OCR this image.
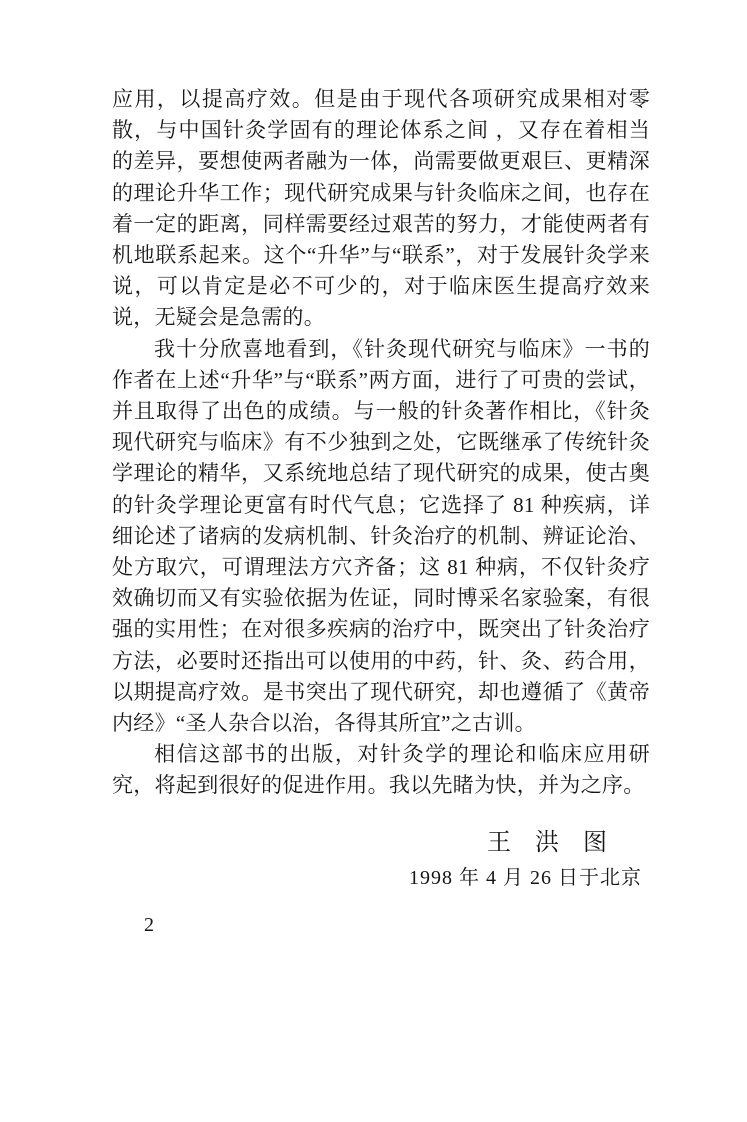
应用，以提高疗效。但是由于现代各项研究成果相对零散，与中国针灸学固有的理论体系之间 ，又存在着相当的差异，要想使两者融为一体，尚需要做更艰巨、更精深的理论升华工作；现代研究成果与针灸临床之间，也存在着一定的距离，同样需要经过艰苦的努力，才能使两者有机地联系起来。这个“升华”与“联系”，对于发展针灸学来说，可以肯定是必不可少的，对于临床医生提高疗效来说，无疑会是急需的。

我十分欣喜地看到，《针灸现代研究与临床》一书的作者在上述“升华”与“联系”两方面，进行了可贵的尝试，并且取得了出色的成绩。与一般的针灸著作相比，《针灸现代研究与临床》有不少独到之处，它既继承了传统针灸学理论的精华，又系统地总结了现代研究的成果，使古奥的针灸学理论更富有时代气息；它选择了 81 种疾病，详细论述了诸病的发病机制、针灸治疗的机制、辨证论治、处方取穴，可谓理法方穴齐备；这 81 种病，不仅针灸疗效确切而又有实验依据为佐证，同时博采名家验案，有很强的实用性；在对很多疾病的治疗中，既突出了针灸治疗方法，必要时还指出可以使用的中药，针、灸、药合用，以期提高疗效。是书突出了现代研究，却也遵循了《黄帝内经》“圣人杂合以治，各得其所宜”之古训。

相信这部书的出版，对针灸学的理论和临床应用研究，将起到很好的促进作用。我以先睹为快，并为之序。

王 洪 图
1998 年 4 月 26 日于北京
2
